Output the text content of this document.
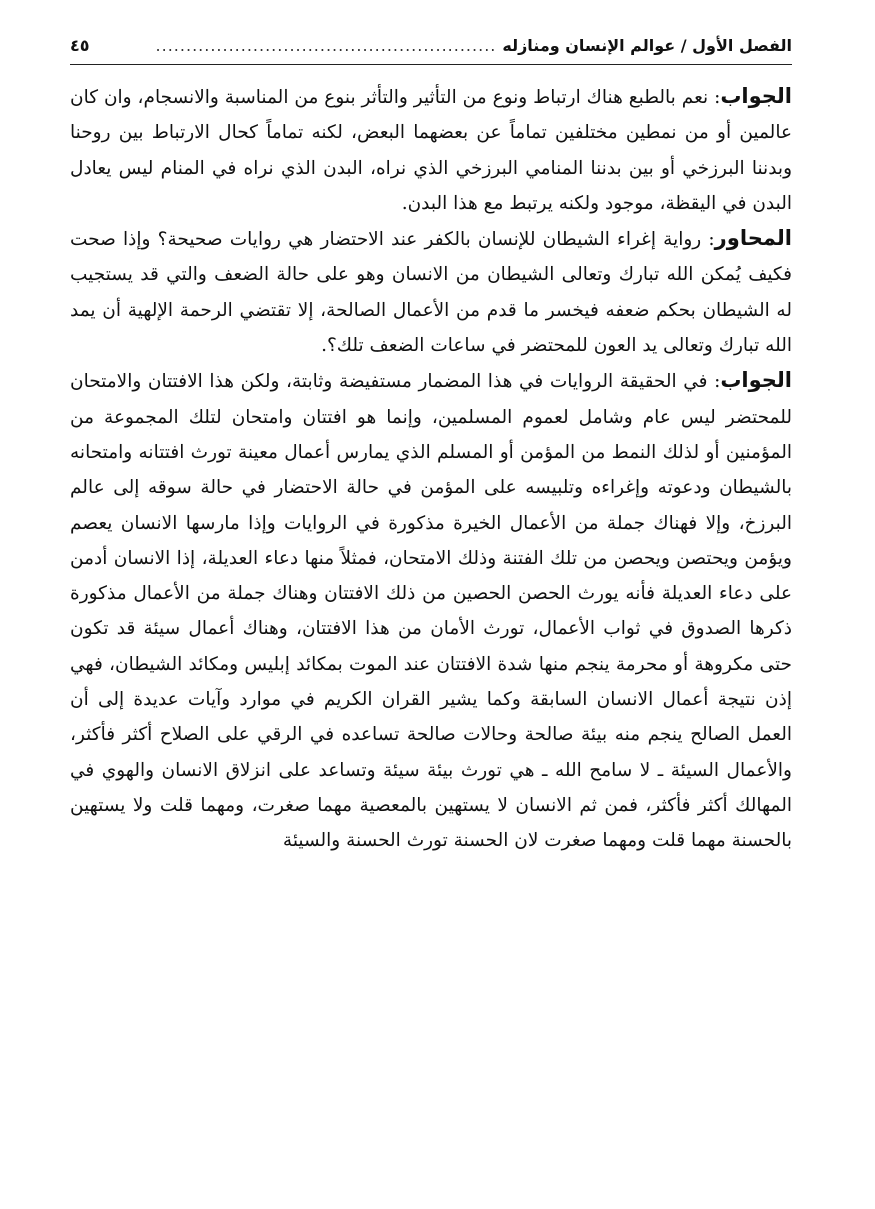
الفصل الأول / عوالم الإنسان ومنازله
........................................................
٤٥

الجواب: نعم بالطبع هناك ارتباط ونوع من التأثير والتأثر بنوع من المناسبة والانسجام، وان كان عالمين أو من نمطين مختلفين تماماً عن بعضهما البعض، لكنه تماماً كحال الارتباط بين روحنا وبدننا البرزخي أو بين بدننا المنامي البرزخي الذي نراه، البدن الذي نراه في المنام ليس يعادل البدن في اليقظة، موجود ولكنه يرتبط مع هذا البدن.

المحاور: رواية إغراء الشيطان للإنسان بالكفر عند الاحتضار هي روايات صحيحة؟ وإذا صحت فكيف يُمكن الله تبارك وتعالى الشيطان من الانسان وهو على حالة الضعف والتي قد يستجيب له الشيطان بحكم ضعفه فيخسر ما قدم من الأعمال الصالحة، إلا تقتضي الرحمة الإلهية أن يمد الله تبارك وتعالى يد العون للمحتضر في ساعات الضعف تلك؟.

الجواب: في الحقيقة الروايات في هذا المضمار مستفيضة وثابتة، ولكن هذا الافتتان والامتحان للمحتضر ليس عام وشامل لعموم المسلمين، وإنما هو افتتان وامتحان لتلك المجموعة من المؤمنين أو لذلك النمط من المؤمن أو المسلم الذي يمارس أعمال معينة تورث افتتانه وامتحانه بالشيطان ودعوته وإغراءه وتلبيسه على المؤمن في حالة الاحتضار في حالة سوقه إلى عالم البرزخ، وإلا فهناك جملة من الأعمال الخيرة مذكورة في الروايات وإذا مارسها الانسان يعصم ويؤمن ويحتصن ويحصن من تلك الفتنة وذلك الامتحان، فمثلاً منها دعاء العديلة، إذا الانسان أدمن على دعاء العديلة فأنه يورث الحصن الحصين من ذلك الافتتان وهناك جملة من الأعمال مذكورة ذكرها الصدوق في ثواب الأعمال، تورث الأمان من هذا الافتتان، وهناك أعمال سيئة قد تكون حتى مكروهة أو محرمة ينجم منها شدة الافتتان عند الموت بمكائد إبليس ومكائد الشيطان، فهي إذن نتيجة أعمال الانسان السابقة وكما يشير القران الكريم في موارد وآيات عديدة إلى أن العمل الصالح ينجم منه بيئة صالحة وحالات صالحة تساعده في الرقي على الصلاح أكثر فأكثر، والأعمال السيئة ـ لا سامح الله ـ هي تورث بيئة سيئة وتساعد على انزلاق الانسان والهوي في المهالك أكثر فأكثر، فمن ثم الانسان لا يستهين بالمعصية مهما صغرت، ومهما قلت ولا يستهين بالحسنة مهما قلت ومهما صغرت لان الحسنة تورث الحسنة والسيئة
